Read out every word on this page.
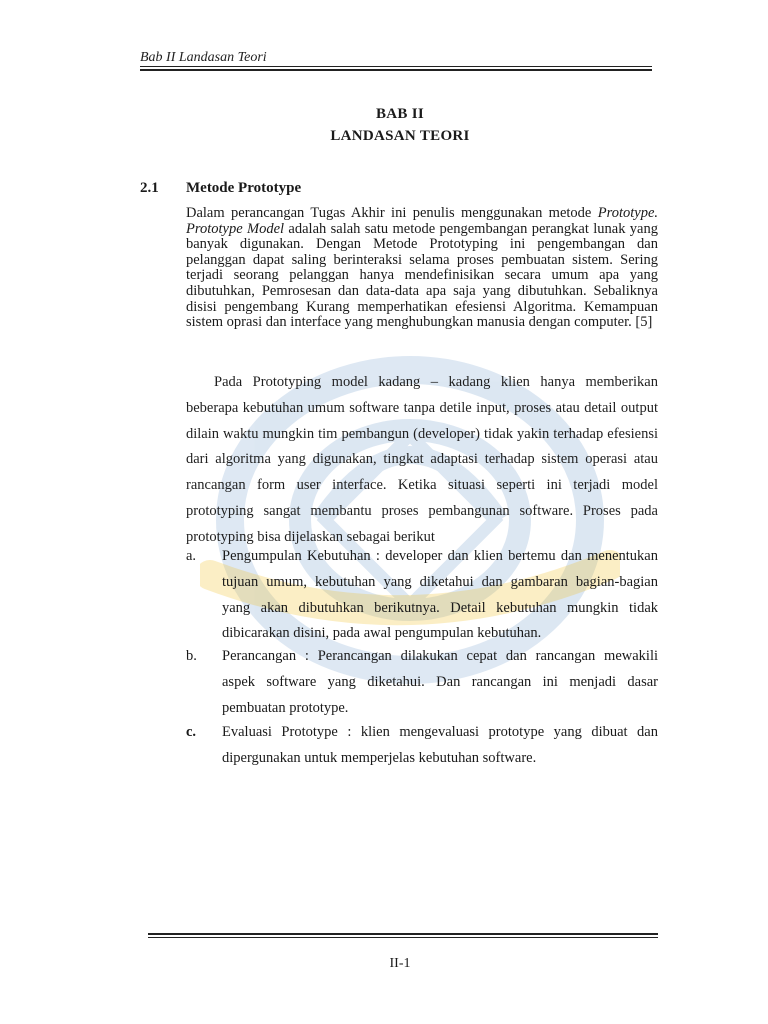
Bab II Landasan Teori
BAB II
LANDASAN TEORI
2.1 Metode Prototype
Dalam perancangan Tugas Akhir ini penulis menggunakan metode Prototype. Prototype Model adalah salah satu metode pengembangan perangkat lunak yang banyak digunakan. Dengan Metode Prototyping ini pengembangan dan pelanggan dapat saling berinteraksi selama proses pembuatan sistem. Sering terjadi seorang pelanggan hanya mendefinisikan secara umum apa yang dibutuhkan, Pemrosesan dan data-data apa saja yang dibutuhkan. Sebaliknya disisi pengembang Kurang memperhatikan efesiensi Algoritma. Kemampuan sistem oprasi dan interface yang menghubungkan manusia dengan computer. [5]
Pada Prototyping model kadang – kadang klien hanya memberikan beberapa kebutuhan umum software tanpa detile input, proses atau detail output dilain waktu mungkin tim pembangun (developer) tidak yakin terhadap efesiensi dari algoritma yang digunakan, tingkat adaptasi terhadap sistem operasi atau rancangan form user interface. Ketika situasi seperti ini terjadi model prototyping sangat membantu proses pembangunan software. Proses pada prototyping bisa dijelaskan sebagai berikut
a. Pengumpulan Kebutuhan : developer dan klien bertemu dan menentukan tujuan umum, kebutuhan yang diketahui dan gambaran bagian-bagian yang akan dibutuhkan berikutnya. Detail kebutuhan mungkin tidak dibicarakan disini, pada awal pengumpulan kebutuhan.
b. Perancangan : Perancangan dilakukan cepat dan rancangan mewakili aspek software yang diketahui. Dan rancangan ini menjadi dasar pembuatan prototype.
c. Evaluasi Prototype : klien mengevaluasi prototype yang dibuat dan dipergunakan untuk memperjelas kebutuhan software.
II-1
